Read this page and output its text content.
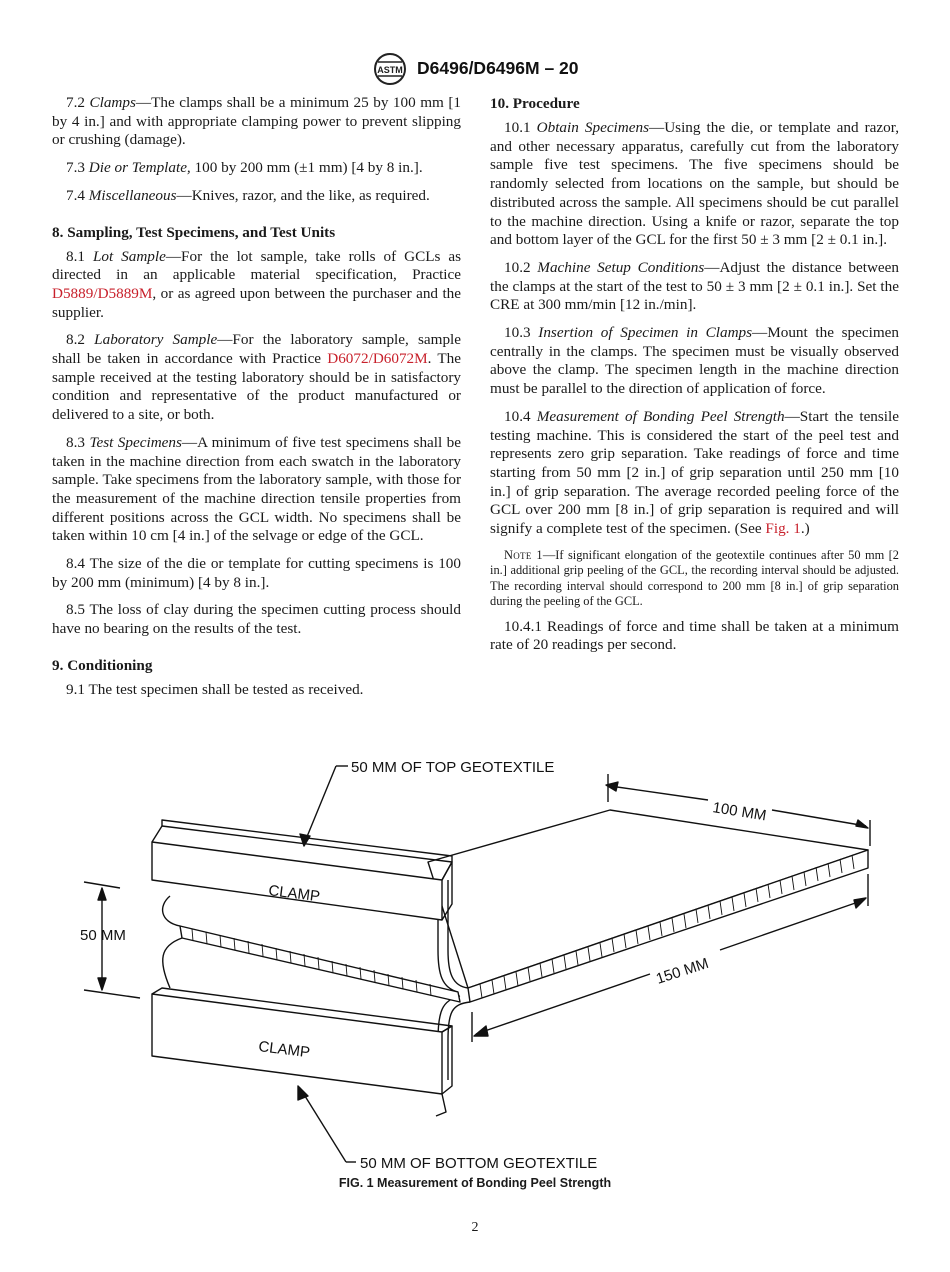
ASTM D6496/D6496M – 20

7.2 Clamps—The clamps shall be a minimum 25 by 100 mm [1 by 4 in.] and with appropriate clamping power to prevent slipping or crushing (damage).

7.3 Die or Template, 100 by 200 mm (±1 mm) [4 by 8 in.].

7.4 Miscellaneous—Knives, razor, and the like, as required.

8. Sampling, Test Specimens, and Test Units

8.1 Lot Sample—For the lot sample, take rolls of GCLs as directed in an applicable material specification, Practice D5889/D5889M, or as agreed upon between the purchaser and the supplier.

8.2 Laboratory Sample—For the laboratory sample, sample shall be taken in accordance with Practice D6072/D6072M. The sample received at the testing laboratory should be in satisfactory condition and representative of the product manufactured or delivered to a site, or both.

8.3 Test Specimens—A minimum of five test specimens shall be taken in the machine direction from each swatch in the laboratory sample. Take specimens from the laboratory sample, with those for the measurement of the machine direction tensile properties from different positions across the GCL width. No specimens shall be taken within 10 cm [4 in.] of the selvage or edge of the GCL.

8.4 The size of the die or template for cutting specimens is 100 by 200 mm (minimum) [4 by 8 in.].

8.5 The loss of clay during the specimen cutting process should have no bearing on the results of the test.

9. Conditioning

9.1 The test specimen shall be tested as received.

10. Procedure

10.1 Obtain Specimens—Using the die, or template and razor, and other necessary apparatus, carefully cut from the laboratory sample five test specimens. The five specimens should be randomly selected from locations on the sample, but should be distributed across the sample. All specimens should be cut parallel to the machine direction. Using a knife or razor, separate the top and bottom layer of the GCL for the first 50 ± 3 mm [2 ± 0.1 in.].

10.2 Machine Setup Conditions—Adjust the distance between the clamps at the start of the test to 50 ± 3 mm [2 ± 0.1 in.]. Set the CRE at 300 mm/min [12 in./min].

10.3 Insertion of Specimen in Clamps—Mount the specimen centrally in the clamps. The specimen must be visually observed above the clamp. The specimen length in the machine direction must be parallel to the direction of application of force.

10.4 Measurement of Bonding Peel Strength—Start the tensile testing machine. This is considered the start of the peel test and represents zero grip separation. Take readings of force and time starting from 50 mm [2 in.] of grip separation until 250 mm [10 in.] of grip separation. The average recorded peeling force of the GCL over 200 mm [8 in.] of grip separation is required and will signify a complete test of the specimen. (See Fig. 1.)

Note 1—If significant elongation of the geotextile continues after 50 mm [2 in.] additional grip peeling of the GCL, the recording interval should be adjusted. The recording interval should correspond to 200 mm [8 in.] of grip separation during the peeling of the GCL.

10.4.1 Readings of force and time shall be taken at a minimum rate of 20 readings per second.

50 MM OF TOP GEOTEXTILE
100 MM
CLAMP
50 MM
150 MM
CLAMP
50 MM OF BOTTOM GEOTEXTILE
FIG. 1 Measurement of Bonding Peel Strength
2
